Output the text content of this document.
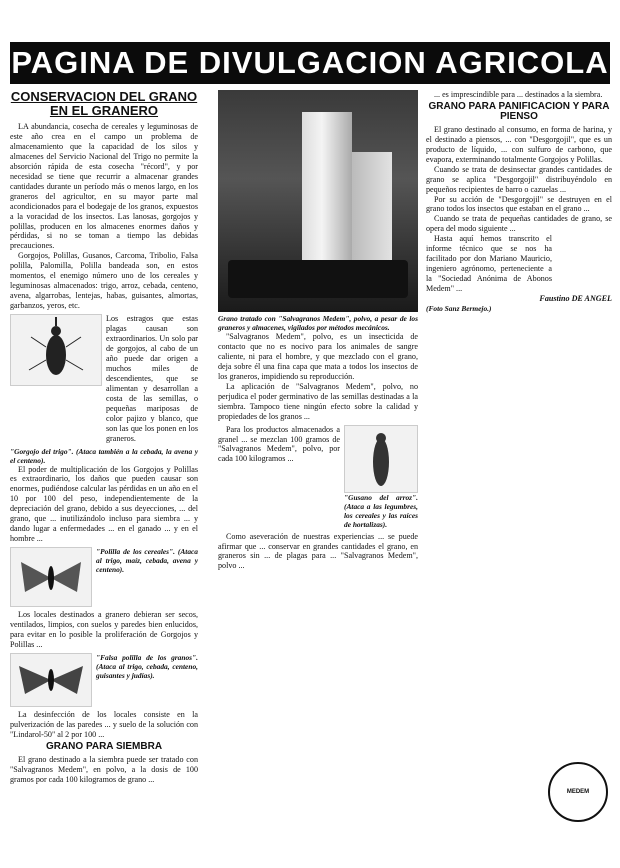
PAGINA DE DIVULGACION AGRICOLA
CONSERVACION DEL GRANO EN EL GRANERO

LA abundancia, cosecha de cereales y leguminosas de este año crea en el campo un problema de almacenamiento que la capacidad de los silos y almacenes del Servicio Nacional del Trigo no permite la absorción rápida de esta cosecha "récord", y por necesidad se tiene que recurrir a almacenar grandes cantidades durante un período más o menos largo, en los graneros del agricultor, en su mayor parte mal acondicionados para el bodegaje de los granos, expuestos a la voracidad de los insectos. Las lanosas, gorgojos y polillas, producen en los almacenes enormes daños y pérdidas, si no se toman a tiempo las debidas precauciones.

Gorgojos, Polillas, Gusanos, Carcoma, Tribolio, Falsa polilla, Palomilla, Polilla bandeada son, en estos momentos, el enemigo número uno de los cereales y leguminosas almacenados: trigo, arroz, cebada, centeno, avena, algarrobas, lentejas, habas, guisantes, almortas, garbanzos, yeros, etc.

Los estragos que estas plagas causan son extraordinarios. Un solo par de gorgojos, al cabo de un año puede dar origen a muchos miles de descendientes, que se alimentan y desarrollan a costa de las semillas, o pequeñas mariposas de color pajizo y blanco, que son las que los ponen en los graneros.

"Gorgojo del trigo". (Ataca también a la cebada, la avena y el centeno).

El poder de multiplicación de los Gorgojos y Polillas es extraordinario, los daños que pueden causar son enormes, pudiéndose calcular las pérdidas en un año en el 10 por 100 del peso, independientemente de la depreciación del grano, debido a sus deyecciones, ... del grano, que ... inutilizándolo incluso para siembra ... y dando lugar a enfermedades ... en el ganado ... y en el hombre ...

"Polilla de los cereales". (Ataca al trigo, maíz, cebada, avena y centeno).

Los locales destinados a granero debieran ser secos, ventilados, limpios, con suelos y paredes bien enlucidos, para evitar en lo posible la proliferación de Gorgojos y Polillas ...

"Falsa polilla de los granos". (Ataca al trigo, cebada, centeno, guisantes y judías).

La desinfección de los locales consiste en la pulverización de las paredes ... y suelo de la solución con "Lindarol-50" al 2 por 100 ...

GRANO PARA SIEMBRA

El grano destinado a la siembra puede ser tratado con "Salvagranos Medem", en polvo, a la dosis de 100 gramos por cada 100 kilogramos de grano ...

Grano tratado con "Salvagranos Medem", polvo, a pesar de los graneros y almacenes, vigilados por métodos mecánicos.

"Salvagranos Medem", polvo, es un insecticida de contacto que no es nocivo para los animales de sangre caliente, ni para el hombre, y que mezclado con el grano, deja sobre él una fina capa que mata a todos los insectos de los graneros, impidiendo su reproducción.

La aplicación de "Salvagranos Medem", polvo, no perjudica el poder germinativo de las semillas destinadas a la siembra. Tampoco tiene ningún efecto sobre la calidad y propiedades de los granos ...

Para los productos almacenados a granel ... se mezclan 100 gramos de "Salvagranos Medem", polvo, por cada 100 kilogramos ...

"Gusano del arroz". (Ataca a las legumbres, los cereales y las raíces de hortalizas).

Como aseveración de nuestras experiencias ... se puede afirmar que ... conservar en grandes cantidades el grano, en graneros sin ... de plagas para ... "Salvagranos Medem", polvo ...

... es imprescindible para ... destinados a la siembra.

GRANO PARA PANIFICACION Y PARA PIENSO

El grano destinado al consumo, en forma de harina, y el destinado a piensos, ... con "Desgorgojil", que es un producto de líquido, ... con sulfuro de carbono, que evapora, exterminando totalmente Gorgojos y Polillas.

Cuando se trata de desinsectar grandes cantidades de grano se aplica "Desgorgojil" distribuyéndolo en pequeños recipientes de barro o cazuelas ...

Por su acción de "Desgorgojil" se destruyen en el grano todos los insectos que estaban en el grano ...

Cuando se trata de pequeñas cantidades de grano, se opera del modo siguiente ...

Hasta aquí hemos transcrito el informe técnico que se nos ha facilitado por don Mariano Mauricio, ingeniero agrónomo, perteneciente a la "Sociedad Anónima de Abonos Medem" ...

Faustino DE ANGEL
(Foto Sanz Bermejo.)
MEDEM
